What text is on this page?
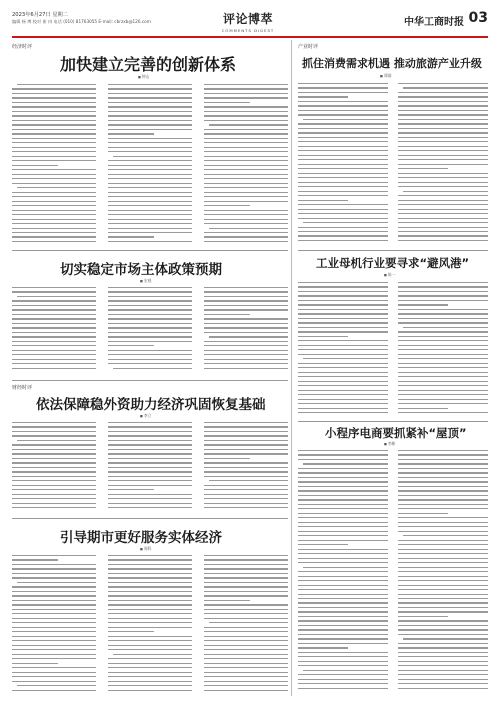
2023年6月27日 星期二
编辑 杨 博 校对 崔 冉 电话 (010) 81763055 E-mail: cbrzxb@126.com	评论博萃
COMMENTS DIGEST
中华工商时报 03
经济时评
加快建立完善的创新体系
■ 钟山
切实稳定市场主体政策预期
■ 宏观
财经时评
依法保障稳外资助力经济巩固恢复基础
■ 李立
引导期市更好服务实体经济
■ 周科
产业时评
抓住消费需求机遇 推动旅游产业升级
■ 郑刚
工业母机行业要寻求“避风港”
■ 陈一
小程序电商要抓紧补“屋顶”
■ 李彬
